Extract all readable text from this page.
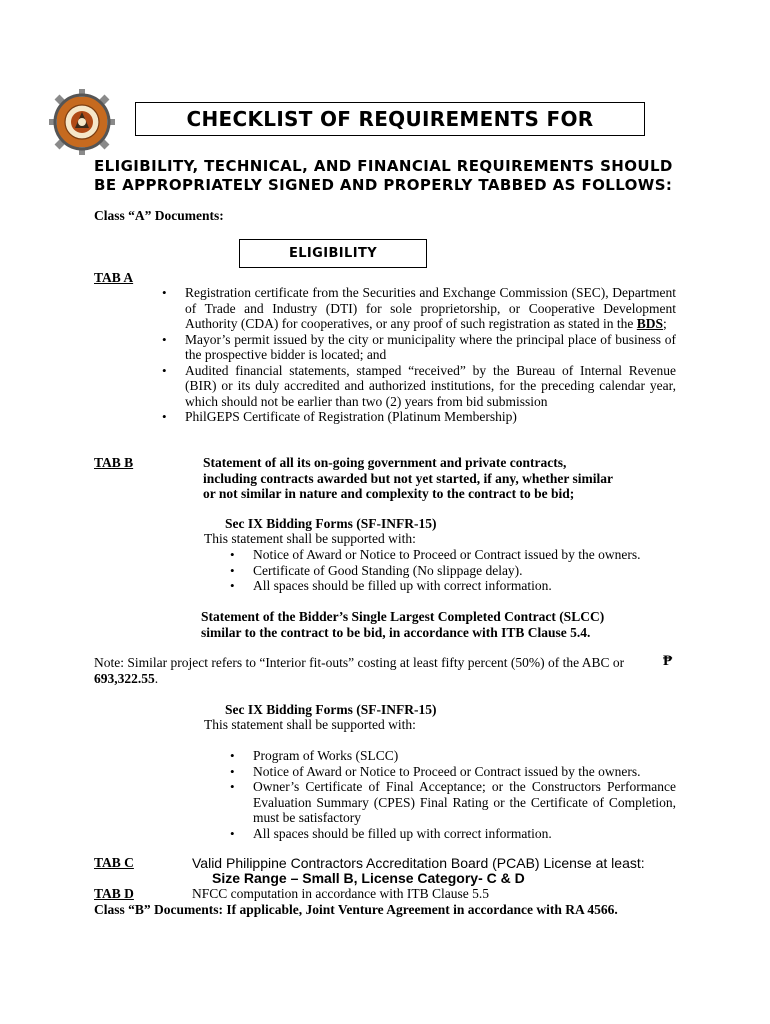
CHECKLIST OF REQUIREMENTS FOR
ELIGIBILITY, TECHNICAL, AND FINANCIAL REQUIREMENTS SHOULD
BE APPROPRIATELY SIGNED AND PROPERLY TABBED AS FOLLOWS:
Class “A” Documents:
ELIGIBILITY
TAB A
• Registration certificate from the Securities and Exchange Commission (SEC), Department of Trade and Industry (DTI) for sole proprietorship, or Cooperative Development Authority (CDA) for cooperatives, or any proof of such registration as stated in the BDS;
• Mayor’s permit issued by the city or municipality where the principal place of business of the prospective bidder is located; and
• Audited financial statements, stamped “received” by the Bureau of Internal Revenue (BIR) or its duly accredited and authorized institutions, for the preceding calendar year, which should not be earlier than two (2) years from bid submission
• PhilGEPS Certificate of Registration (Platinum Membership)
TAB B	Statement of all its on-going government and private contracts,
including contracts awarded but not yet started, if any, whether similar
or not similar in nature and complexity to the contract to be bid;
Sec IX Bidding Forms (SF-INFR-15)
This statement shall be supported with:
• Notice of Award or Notice to Proceed or Contract issued by the owners.
• Certificate of Good Standing (No slippage delay).
• All spaces should be filled up with correct information.
Statement of the Bidder’s Single Largest Completed Contract (SLCC)
similar to the contract to be bid, in accordance with ITB Clause 5.4.
Note: Similar project refers to “Interior fit-outs” costing at least fifty percent (50%) of the ABC or	₱
693,322.55.
Sec IX Bidding Forms (SF-INFR-15)
This statement shall be supported with:
• Program of Works (SLCC)
• Notice of Award or Notice to Proceed or Contract issued by the owners.
• Owner’s Certificate of Final Acceptance; or the Constructors Performance Evaluation Summary (CPES) Final Rating or the Certificate of Completion, must be satisfactory
• All spaces should be filled up with correct information.
TAB C	Valid Philippine Contractors Accreditation Board (PCAB) License at least:
Size Range – Small B, License Category- C & D
TAB D	NFCC computation in accordance with ITB Clause 5.5
Class “B” Documents: If applicable, Joint Venture Agreement in accordance with RA 4566.
